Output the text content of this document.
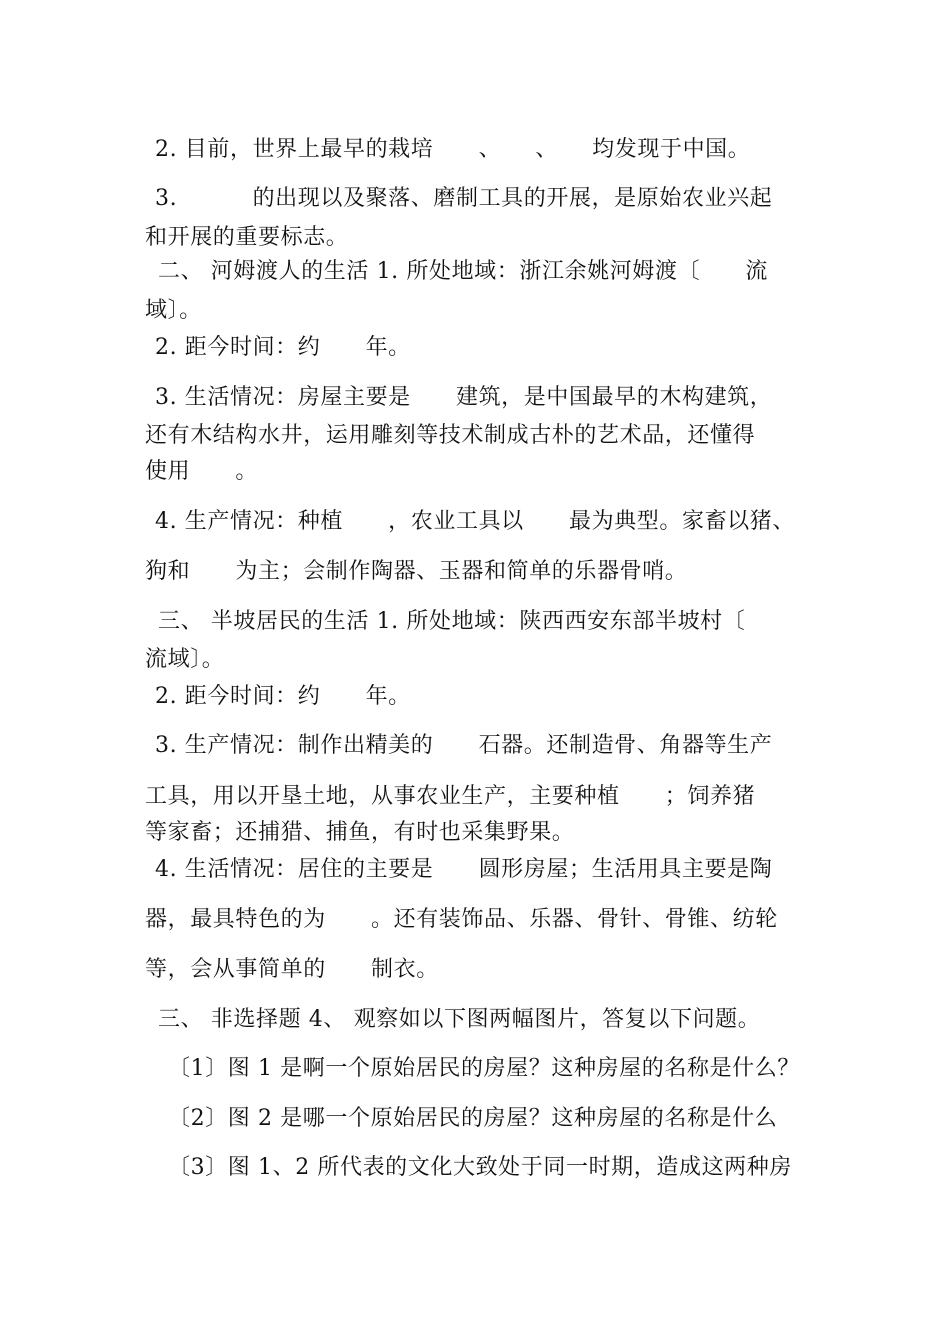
2. 目前，世界上最早的栽培　　、　　、　　均发现于中国。
3. 　　　的出现以及聚落、磨制工具的开展，是原始农业兴起
和开展的重要标志。
二、 河姆渡人的生活 1. 所处地域：浙江余姚河姆渡〔　　流
域〕。
2. 距今时间：约　　年。
3. 生活情况：房屋主要是　　建筑，是中国最早的木构建筑，
还有木结构水井，运用雕刻等技术制成古朴的艺术品，还懂得
使用　　。
4. 生产情况：种植　　，农业工具以　　最为典型。家畜以猪、
狗和　　为主；会制作陶器、玉器和简单的乐器骨哨。
三、 半坡居民的生活 1. 所处地域：陕西西安东部半坡村〔
流域〕。
2. 距今时间：约　　年。
3. 生产情况：制作出精美的　　石器。还制造骨、角器等生产
工具，用以开垦土地，从事农业生产，主要种植　　；饲养猪
等家畜；还捕猎、捕鱼，有时也采集野果。
4. 生活情况：居住的主要是　　圆形房屋；生活用具主要是陶
器，最具特色的为　　。还有装饰品、乐器、骨针、骨锥、纺轮
等，会从事简单的　　制衣。
三、 非选择题 4、 观察如以下图两幅图片，答复以下问题。
〔1〕图 1 是啊一个原始居民的房屋？这种房屋的名称是什么？
〔2〕图 2 是哪一个原始居民的房屋？这种房屋的名称是什么
〔3〕图 1、2 所代表的文化大致处于同一时期，造成这两种房
